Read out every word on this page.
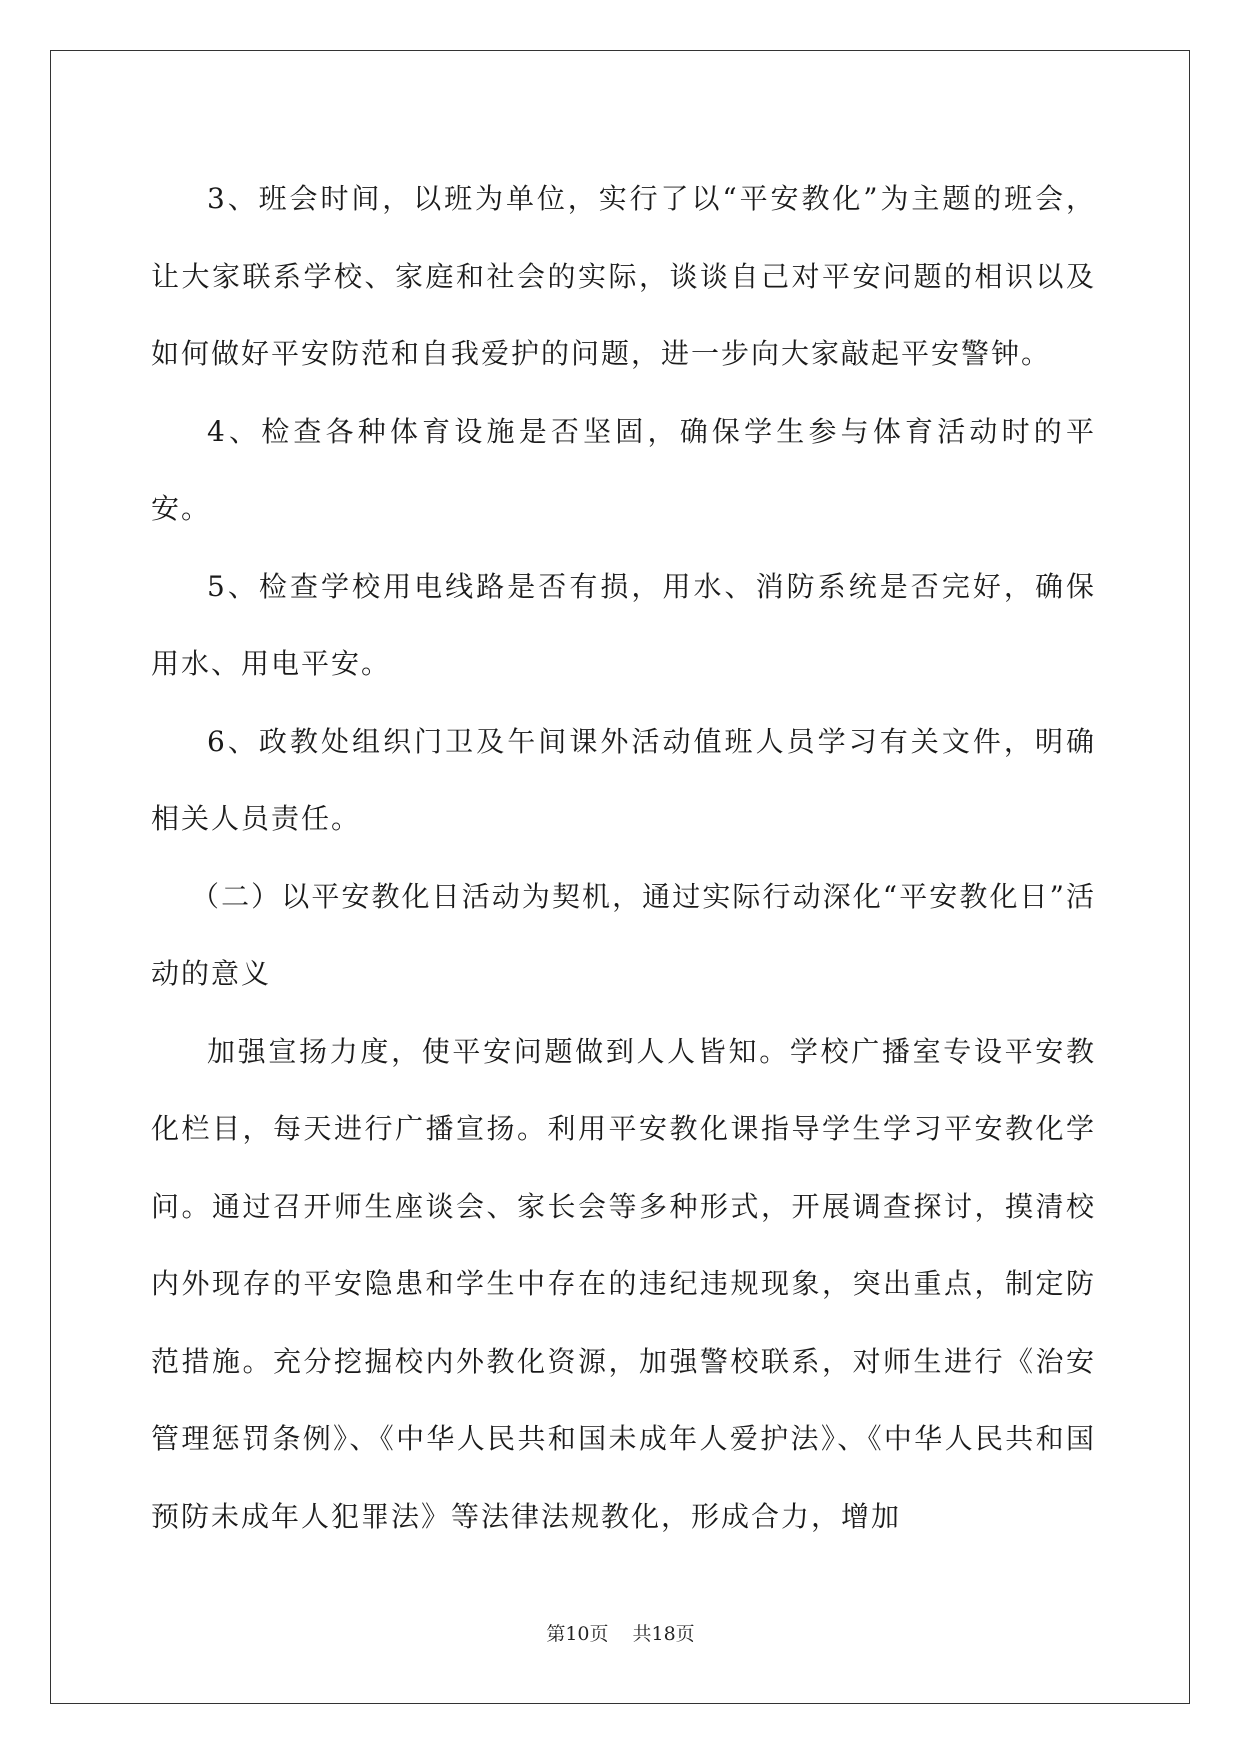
3、班会时间，以班为单位，实行了以“平安教化”为主题的班会，让大家联系学校、家庭和社会的实际，谈谈自己对平安问题的相识以及如何做好平安防范和自我爱护的问题，进一步向大家敲起平安警钟。

4、检查各种体育设施是否坚固，确保学生参与体育活动时的平安。

5、检查学校用电线路是否有损，用水、消防系统是否完好，确保用水、用电平安。

6、政教处组织门卫及午间课外活动值班人员学习有关文件，明确相关人员责任。

（二）以平安教化日活动为契机，通过实际行动深化“平安教化日”活动的意义

加强宣扬力度，使平安问题做到人人皆知。学校广播室专设平安教化栏目，每天进行广播宣扬。利用平安教化课指导学生学习平安教化学问。通过召开师生座谈会、家长会等多种形式，开展调查探讨，摸清校内外现存的平安隐患和学生中存在的违纪违规现象，突出重点，制定防范措施。充分挖掘校内外教化资源，加强警校联系，对师生进行《治安管理惩罚条例》、《中华人民共和国未成年人爱护法》、《中华人民共和国预防未成年人犯罪法》等法律法规教化，形成合力，增加

第10页 共18页
